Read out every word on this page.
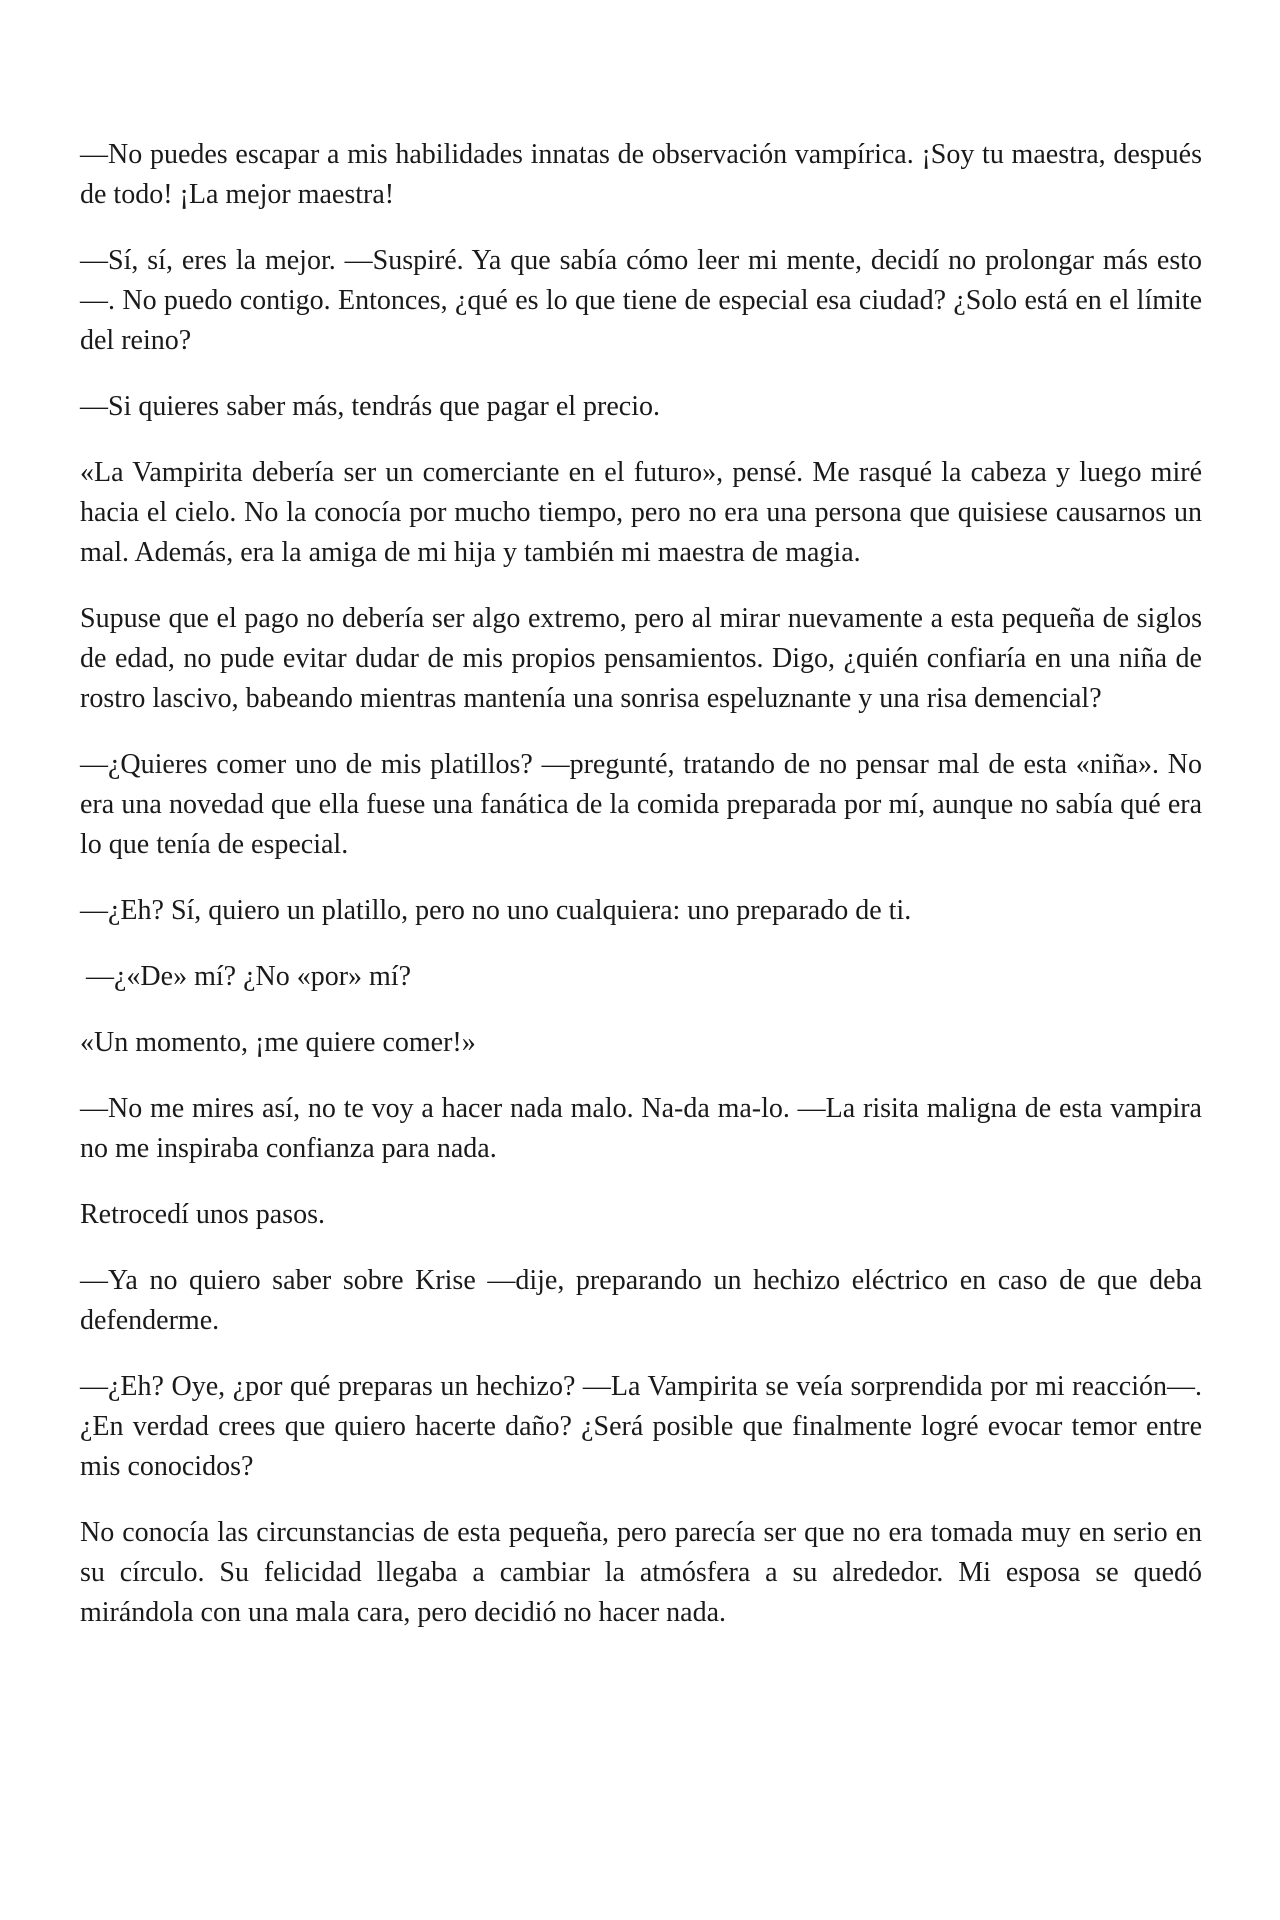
—No puedes escapar a mis habilidades innatas de observación vampírica. ¡Soy tu maestra, después de todo! ¡La mejor maestra!

—Sí, sí, eres la mejor. —Suspiré. Ya que sabía cómo leer mi mente, decidí no prolongar más esto—. No puedo contigo. Entonces, ¿qué es lo que tiene de especial esa ciudad? ¿Solo está en el límite del reino?

—Si quieres saber más, tendrás que pagar el precio.

«La Vampirita debería ser un comerciante en el futuro», pensé. Me rasqué la cabeza y luego miré hacia el cielo. No la conocía por mucho tiempo, pero no era una persona que quisiese causarnos un mal. Además, era la amiga de mi hija y también mi maestra de magia.

Supuse que el pago no debería ser algo extremo, pero al mirar nuevamente a esta pequeña de siglos de edad, no pude evitar dudar de mis propios pensamientos. Digo, ¿quién confiaría en una niña de rostro lascivo, babeando mientras mantenía una sonrisa espeluznante y una risa demencial?

—¿Quieres comer uno de mis platillos? —pregunté, tratando de no pensar mal de esta «niña». No era una novedad que ella fuese una fanática de la comida preparada por mí, aunque no sabía qué era lo que tenía de especial.

—¿Eh? Sí, quiero un platillo, pero no uno cualquiera: uno preparado de ti.

—¿«De» mí? ¿No «por» mí?

«Un momento, ¡me quiere comer!»

—No me mires así, no te voy a hacer nada malo. Na-da ma-lo. —La risita maligna de esta vampira no me inspiraba confianza para nada.

Retrocedí unos pasos.

—Ya no quiero saber sobre Krise —dije, preparando un hechizo eléctrico en caso de que deba defenderme.

—¿Eh? Oye, ¿por qué preparas un hechizo? —La Vampirita se veía sorprendida por mi reacción—. ¿En verdad crees que quiero hacerte daño? ¿Será posible que finalmente logré evocar temor entre mis conocidos?

No conocía las circunstancias de esta pequeña, pero parecía ser que no era tomada muy en serio en su círculo. Su felicidad llegaba a cambiar la atmósfera a su alrededor. Mi esposa se quedó mirándola con una mala cara, pero decidió no hacer nada.
